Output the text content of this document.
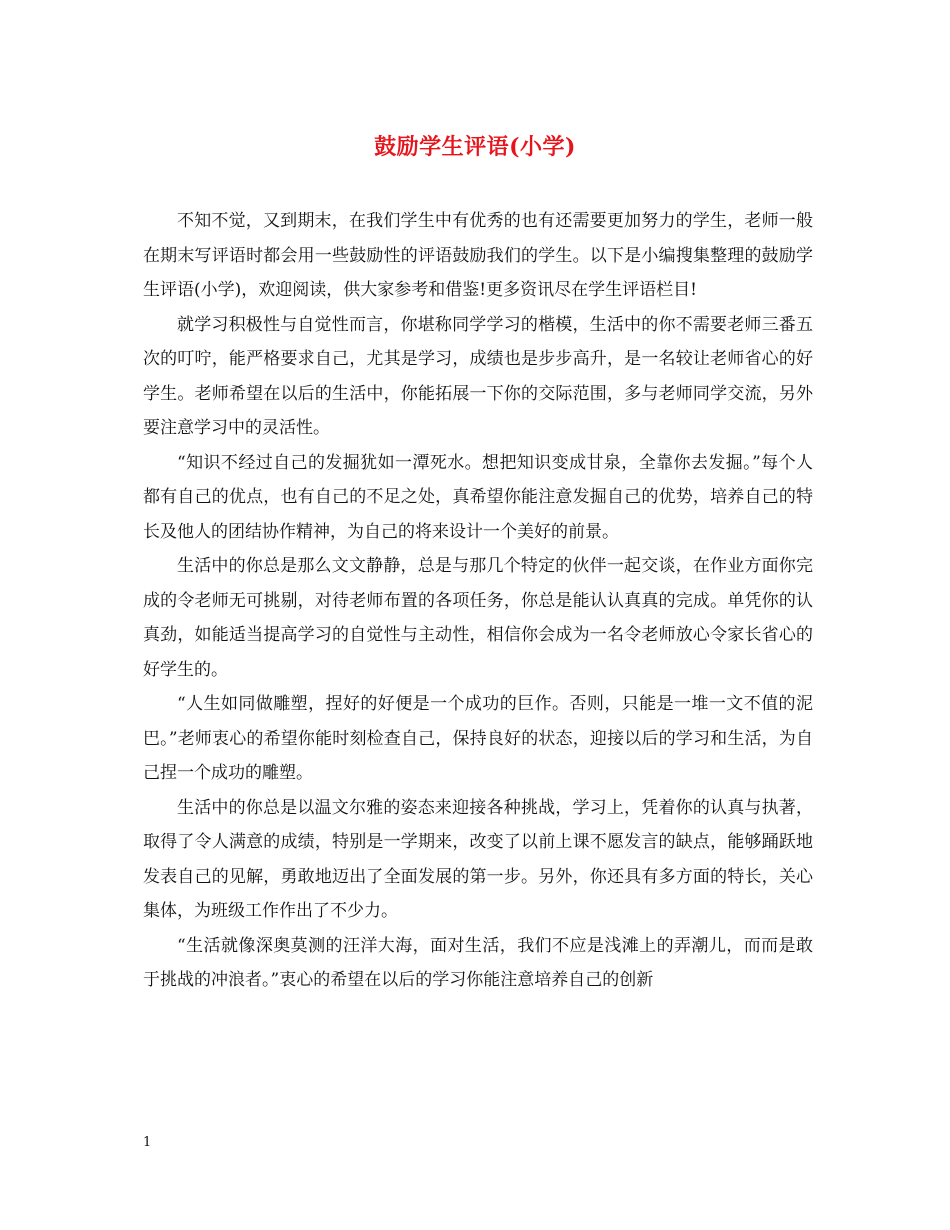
鼓励学生评语(小学)

不知不觉，又到期末，在我们学生中有优秀的也有还需要更加努力的学生，老师一般在期末写评语时都会用一些鼓励性的评语鼓励我们的学生。以下是小编搜集整理的鼓励学生评语(小学)，欢迎阅读，供大家参考和借鉴!更多资讯尽在学生评语栏目!

就学习积极性与自觉性而言，你堪称同学学习的楷模，生活中的你不需要老师三番五次的叮咛，能严格要求自己，尤其是学习，成绩也是步步高升，是一名较让老师省心的好学生。老师希望在以后的生活中，你能拓展一下你的交际范围，多与老师同学交流，另外要注意学习中的灵活性。

“知识不经过自己的发掘犹如一潭死水。想把知识变成甘泉，全靠你去发掘。”每个人都有自己的优点，也有自己的不足之处，真希望你能注意发掘自己的优势，培养自己的特长及他人的团结协作精神，为自己的将来设计一个美好的前景。

生活中的你总是那么文文静静，总是与那几个特定的伙伴一起交谈，在作业方面你完成的令老师无可挑剔，对待老师布置的各项任务，你总是能认认真真的完成。单凭你的认真劲，如能适当提高学习的自觉性与主动性，相信你会成为一名令老师放心令家长省心的好学生的。

“人生如同做雕塑，捏好的好便是一个成功的巨作。否则，只能是一堆一文不值的泥巴。”老师衷心的希望你能时刻检查自己，保持良好的状态，迎接以后的学习和生活，为自己捏一个成功的雕塑。

生活中的你总是以温文尔雅的姿态来迎接各种挑战，学习上，凭着你的认真与执著，取得了令人满意的成绩，特别是一学期来，改变了以前上课不愿发言的缺点，能够踊跃地发表自己的见解，勇敢地迈出了全面发展的第一步。另外，你还具有多方面的特长，关心集体，为班级工作作出了不少力。

“生活就像深奥莫测的汪洋大海，面对生活，我们不应是浅滩上的弄潮儿，而而是敢于挑战的冲浪者。”衷心的希望在以后的学习你能注意培养自己的创新

1
